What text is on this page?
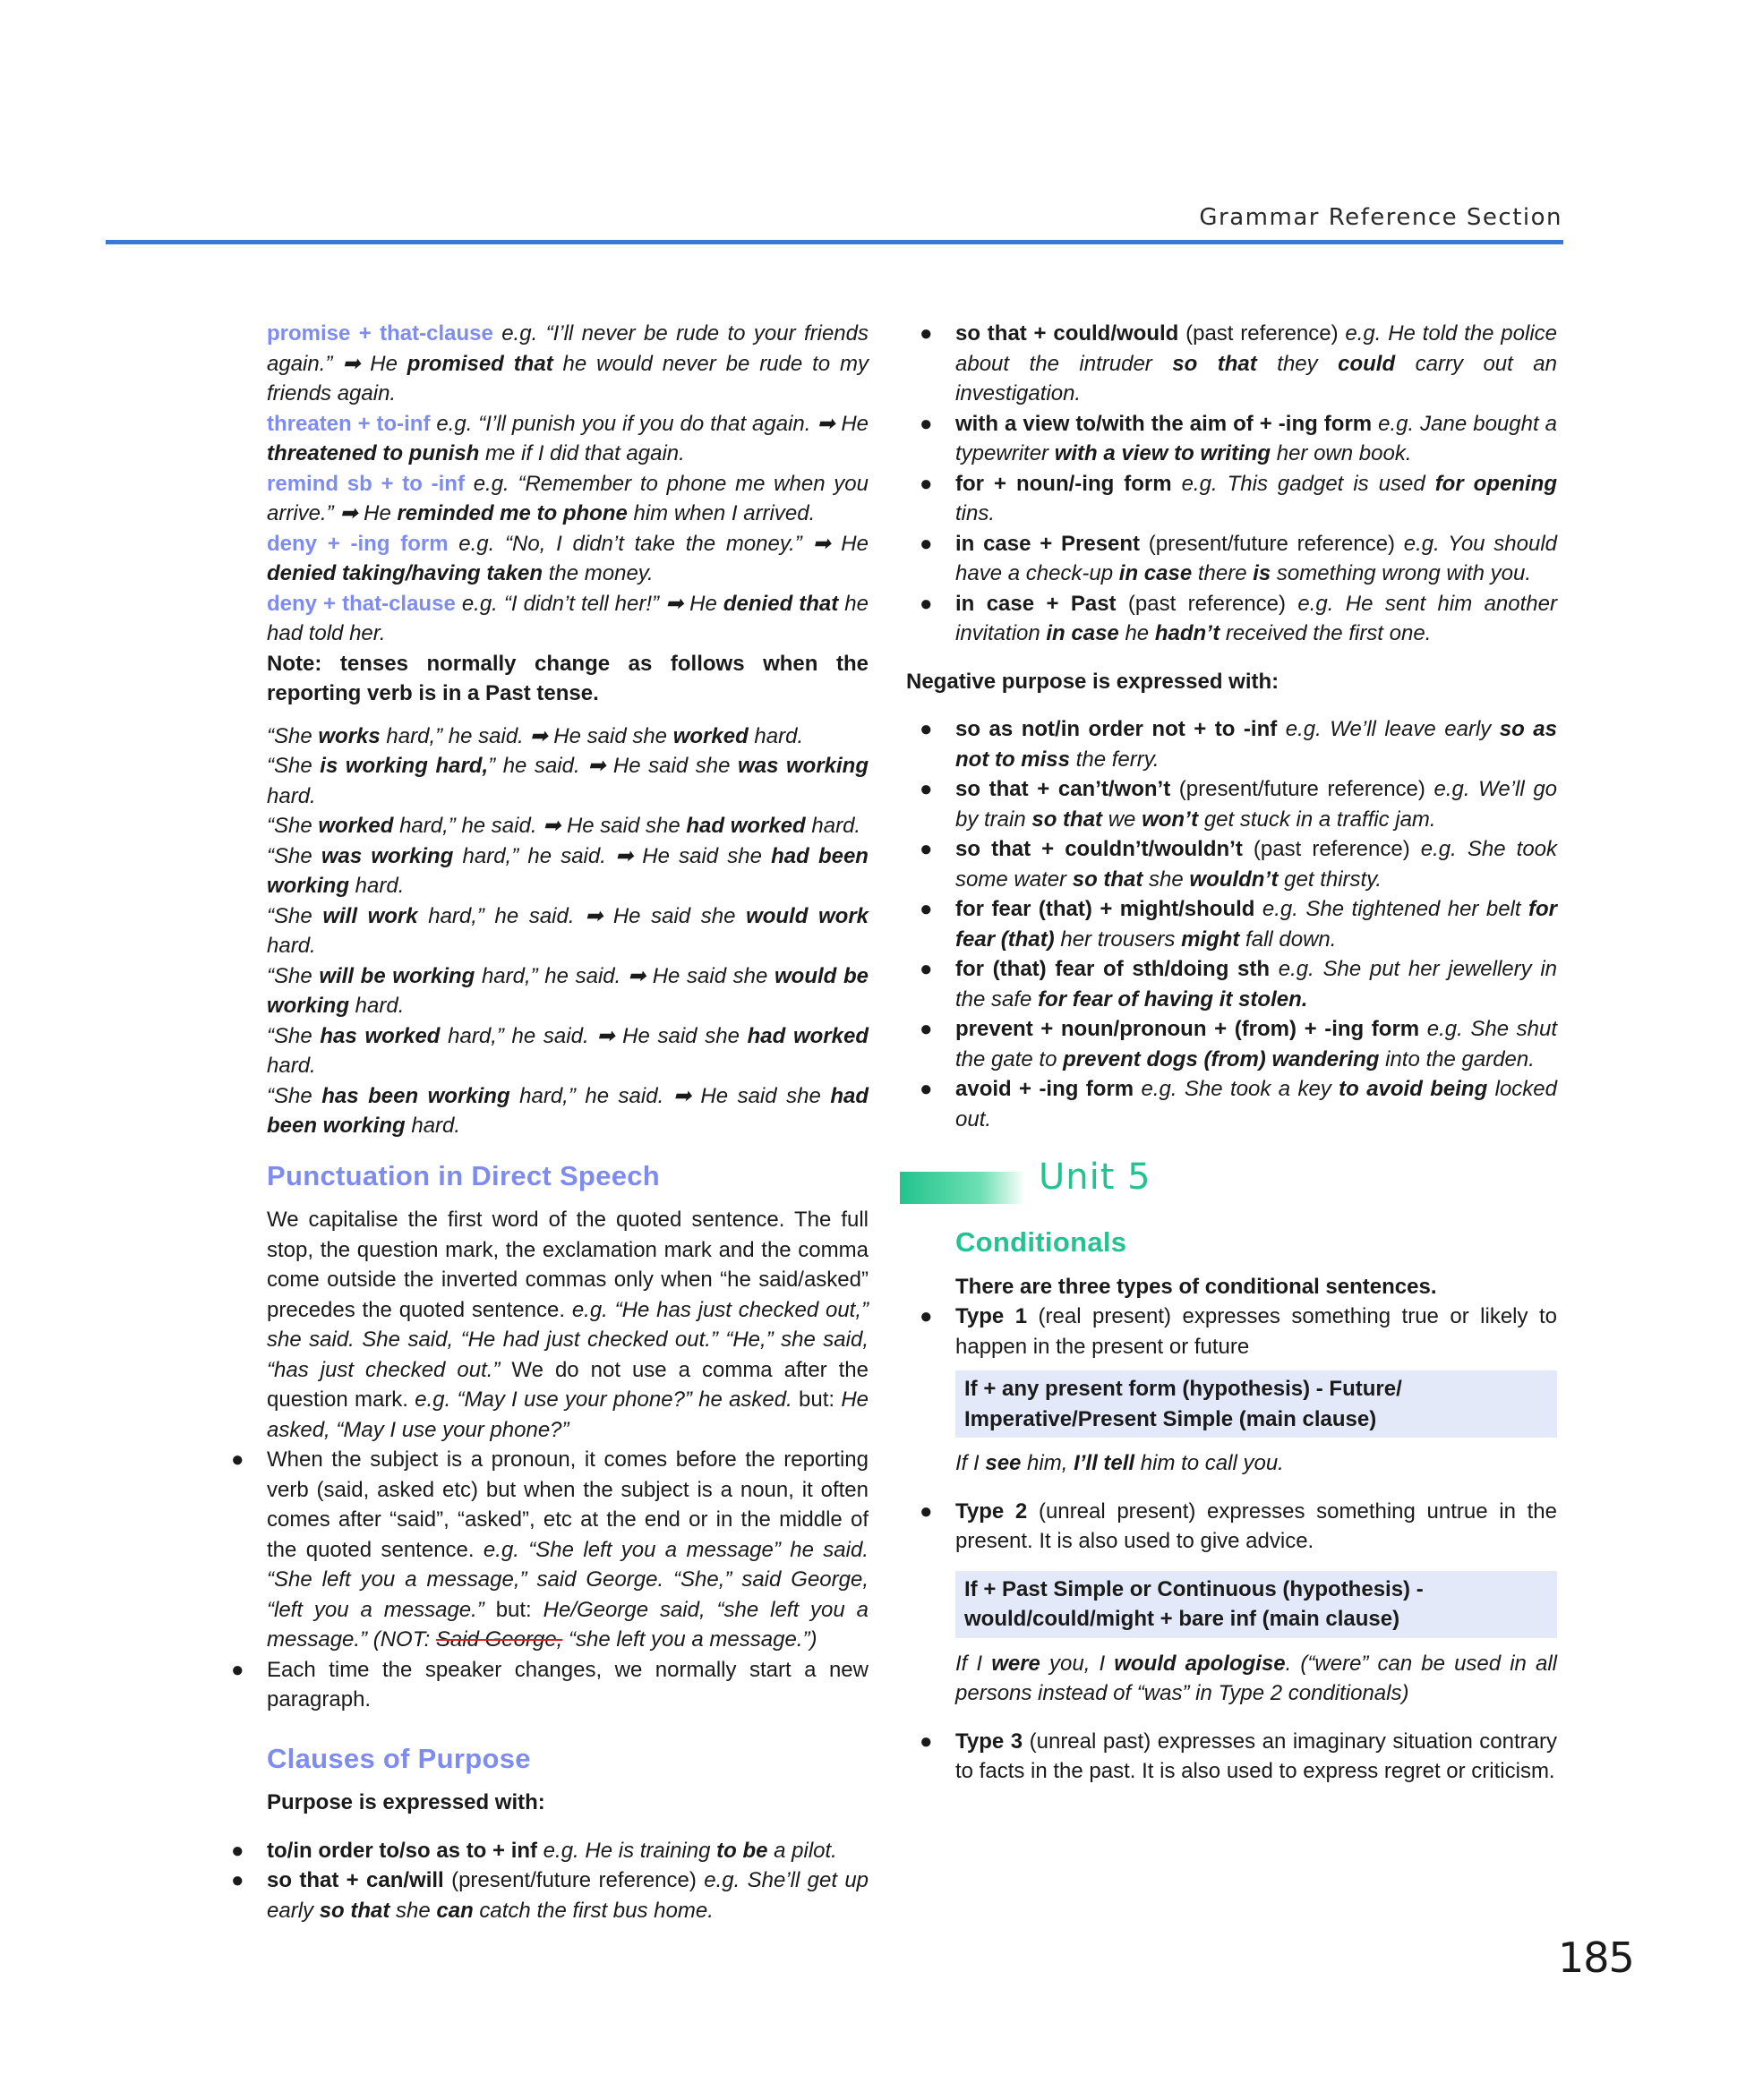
Grammar Reference Section

promise + that-clause e.g. “I’ll never be rude to your friends again.” ➡ He promised that he would never be rude to my friends again.

threaten + to-inf e.g. “I’ll punish you if you do that again. ➡ He threatened to punish me if I did that again.

remind sb + to -inf e.g. “Remember to phone me when you arrive.” ➡ He reminded me to phone him when I arrived.

deny + -ing form e.g. “No, I didn’t take the money.” ➡ He denied taking/having taken the money.

deny + that-clause e.g. “I didn’t tell her!” ➡ He denied that he had told her.

Note: tenses normally change as follows when the reporting verb is in a Past tense.

“She works hard,” he said. ➡ He said she worked hard.

“She is working hard,” he said. ➡ He said she was working hard.

“She worked hard,” he said. ➡ He said she had worked hard.

“She was working hard,” he said. ➡ He said she had been working hard.

“She will work hard,” he said. ➡ He said she would work hard.

“She will be working hard,” he said. ➡ He said she would be working hard.

“She has worked hard,” he said. ➡ He said she had worked hard.

“She has been working hard,” he said. ➡ He said she had been working hard.

Punctuation in Direct Speech

We capitalise the first word of the quoted sentence. The full stop, the question mark, the exclamation mark and the comma come outside the inverted commas only when “he said/asked” precedes the quoted sentence. e.g. “He has just checked out,” she said. She said, “He had just checked out.” “He,” she said, “has just checked out.” We do not use a comma after the question mark. e.g. “May I use your phone?” he asked. but: He asked, “May I use your phone?”

● When the subject is a pronoun, it comes before the reporting verb (said, asked etc) but when the subject is a noun, it often comes after “said”, “asked”, etc at the end or in the middle of the quoted sentence. e.g. “She left you a message” he said. “She left you a message,” said George. “She,” said George, “left you a message.” but: He/George said, “she left you a message.” (NOT: Said George, “she left you a message.”)
● Each time the speaker changes, we normally start a new paragraph.
Clauses of Purpose

Purpose is expressed with:

● to/in order to/so as to + inf e.g. He is training to be a pilot.
● so that + can/will (present/future reference) e.g. She’ll get up early so that she can catch the first bus home.
● so that + could/would (past reference) e.g. He told the police about the intruder so that they could carry out an investigation.
● with a view to/with the aim of + -ing form e.g. Jane bought a typewriter with a view to writing her own book.
● for + noun/-ing form e.g. This gadget is used for opening tins.
● in case + Present (present/future reference) e.g. You should have a check-up in case there is something wrong with you.
● in case + Past (past reference) e.g. He sent him another invitation in case he hadn’t received the first one.

Negative purpose is expressed with:

● so as not/in order not + to -inf e.g. We’ll leave early so as not to miss the ferry.
● so that + can’t/won’t (present/future reference) e.g. We’ll go by train so that we won’t get stuck in a traffic jam.
● so that + couldn’t/wouldn’t (past reference) e.g. She took some water so that she wouldn’t get thirsty.
● for fear (that) + might/should e.g. She tightened her belt for fear (that) her trousers might fall down.
● for (that) fear of sth/doing sth e.g. She put her jewellery in the safe for fear of having it stolen.
● prevent + noun/pronoun + (from) + -ing form e.g. She shut the gate to prevent dogs (from) wandering into the garden.
● avoid + -ing form e.g. She took a key to avoid being locked out.
Unit 5
Conditionals

There are three types of conditional sentences.

● Type 1 (real present) expresses something true or likely to happen in the present or future
If + any present form (hypothesis) - Future/ Imperative/Present Simple (main clause)

If I see him, I’ll tell him to call you.

● Type 2 (unreal present) expresses something untrue in the present. It is also used to give advice.
If + Past Simple or Continuous (hypothesis) - would/could/might + bare inf (main clause)

If I were you, I would apologise. (“were” can be used in all persons instead of “was” in Type 2 conditionals)

● Type 3 (unreal past) expresses an imaginary situation contrary to facts in the past. It is also used to express regret or criticism.
185
